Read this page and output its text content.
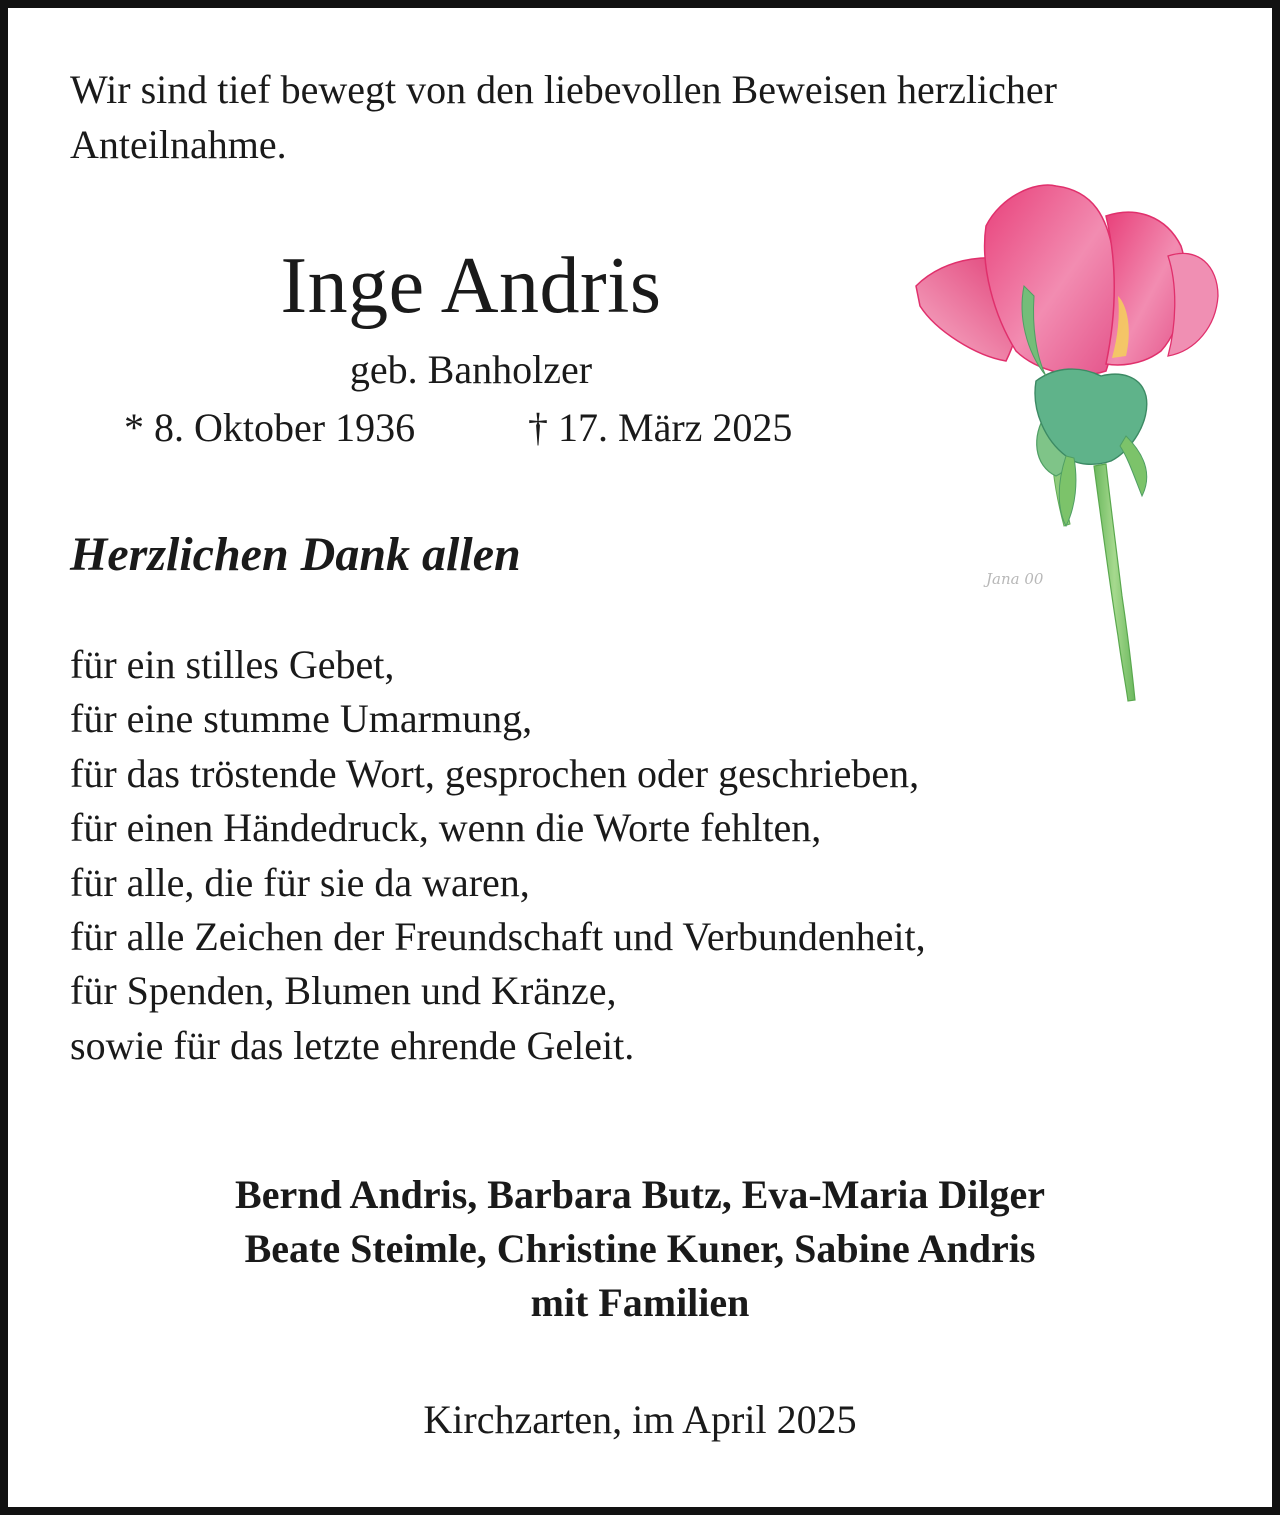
Wir sind tief bewegt von den liebevollen Beweisen herzlicher Anteilnahme.

Jana 00
Inge Andris
geb. Banholzer
* 8. Oktober 1936	† 17. März 2025
Herzlichen Dank allen
für ein stilles Gebet,
für eine stumme Umarmung,
für das tröstende Wort, gesprochen oder geschrieben,
für einen Händedruck, wenn die Worte fehlten,
für alle, die für sie da waren,
für alle Zeichen der Freundschaft und Verbundenheit,
für Spenden, Blumen und Kränze,
sowie für das letzte ehrende Geleit.
Bernd Andris, Barbara Butz, Eva-Maria Dilger
Beate Steimle, Christine Kuner, Sabine Andris
mit Familien
Kirchzarten, im April 2025
